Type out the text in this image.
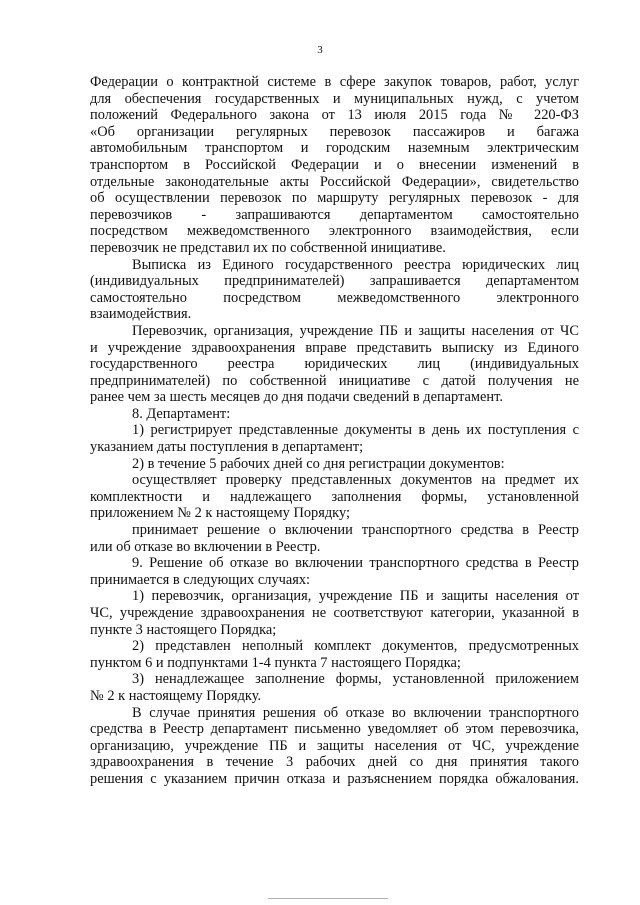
3
Федерации о контрактной системе в сфере закупок товаров, работ, услуг
для обеспечения государственных и муниципальных нужд, с учетом
положений Федерального закона от 13 июля 2015 года № 220-ФЗ
«Об организации регулярных перевозок пассажиров и багажа
автомобильным транспортом и городским наземным электрическим
транспортом в Российской Федерации и о внесении изменений в
отдельные законодательные акты Российской Федерации», свидетельство
об осуществлении перевозок по маршруту регулярных перевозок - для
перевозчиков - запрашиваются департаментом самостоятельно
посредством межведомственного электронного взаимодействия, если
перевозчик не представил их по собственной инициативе.
Выписка из Единого государственного реестра юридических лиц
(индивидуальных предпринимателей) запрашивается департаментом
самостоятельно посредством межведомственного электронного
взаимодействия.
Перевозчик, организация, учреждение ПБ и защиты населения от ЧС
и учреждение здравоохранения вправе представить выписку из Единого
государственного реестра юридических лиц (индивидуальных
предпринимателей) по собственной инициативе с датой получения не
ранее чем за шесть месяцев до дня подачи сведений в департамент.
8. Департамент:
1) регистрирует представленные документы в день их поступления с
указанием даты поступления в департамент;
2) в течение 5 рабочих дней со дня регистрации документов:
осуществляет проверку представленных документов на предмет их
комплектности и надлежащего заполнения формы, установленной
приложением № 2 к настоящему Порядку;
принимает решение о включении транспортного средства в Реестр
или об отказе во включении в Реестр.
9. Решение об отказе во включении транспортного средства в Реестр
принимается в следующих случаях:
1) перевозчик, организация, учреждение ПБ и защиты населения от
ЧС, учреждение здравоохранения не соответствуют категории, указанной в
пункте 3 настоящего Порядка;
2) представлен неполный комплект документов, предусмотренных
пунктом 6 и подпунктами 1-4 пункта 7 настоящего Порядка;
3) ненадлежащее заполнение формы, установленной приложением
№ 2 к настоящему Порядку.
В случае принятия решения об отказе во включении транспортного
средства в Реестр департамент письменно уведомляет об этом перевозчика,
организацию, учреждение ПБ и защиты населения от ЧС, учреждение
здравоохранения в течение 3 рабочих дней со дня принятия такого
решения с указанием причин отказа и разъяснением порядка обжалования.
